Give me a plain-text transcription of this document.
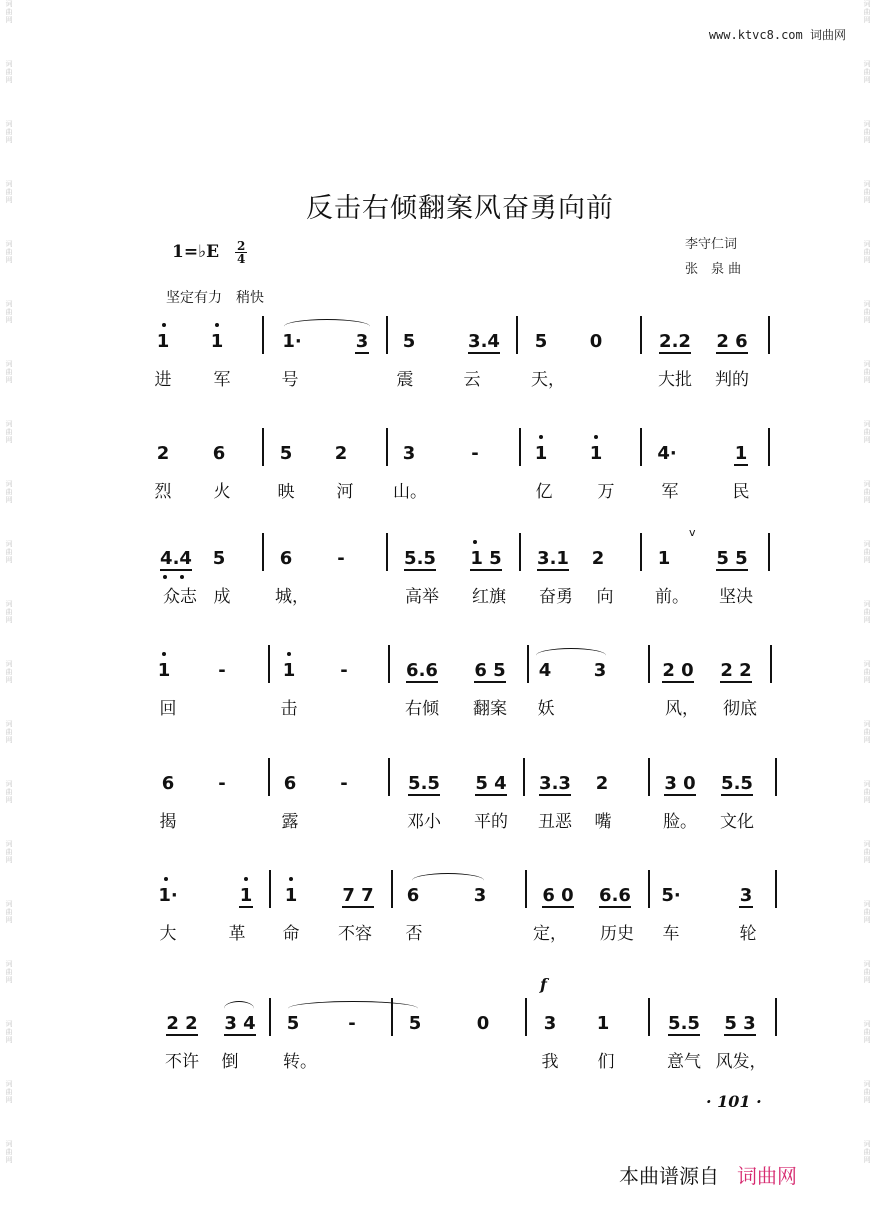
词
曲
网
词
曲
网
词
曲
网
词
曲
网
词
曲
网
词
曲
网
词
曲
网
词
曲
网
词
曲
网
词
曲
网
词
曲
网
词
曲
网
词
曲
网
词
曲
网
词
曲
网
词
曲
网
词
曲
网
词
曲
网
词
曲
网
词
曲
网
词
曲
网
词
曲
网
词
曲
网
词
曲
网
词
曲
网
词
曲
网
词
曲
网
词
曲
网
词
曲
网
词
曲
网
词
曲
网
词
曲
网
词
曲
网
词
曲
网
词
曲
网
词
曲
网
词
曲
网
词
曲
网
词
曲
网
词
曲
网
www.ktvc8.com 词曲网
反击右倾翻案风奋勇向前
1=♭E $\frac{2}{4}$	李守仁词
张　泉 曲
坚定有力　稍快
1	1	1·	3	5	3.4	5	0	2.2 2 6
进	军	号	震	云	天，	大批	判的
2	6	5	2	3	-	1	1	4·	1
烈	火	映	河	山。	亿	万	军	民
v
4.4	5	6	-	5.5 1 5 3.1	2	1	5 5
众志 成	城，	高举	红旗	奋勇	向	前。	坚决
1	-	1	-	6.6 6 5	4	3	2 0 2 2
回	击	右倾	翻案	妖	风，	彻底
6	-	6	-	5.5 5 4 3.3	2	3 0 5.5
揭	露	邓小	平的	丑恶	嘴	脸。	文化
1·	1	1	7 7	6	3	6 0 6.6 5·	3
大	革	命	不容	否	定，	历史	车	轮
f
2 2 3 4	5	-	5	0	3	1	5.5 5 3
不许	倒	转。	我	们	意气 风发，
· 101 ·
本曲谱源自 词曲网
